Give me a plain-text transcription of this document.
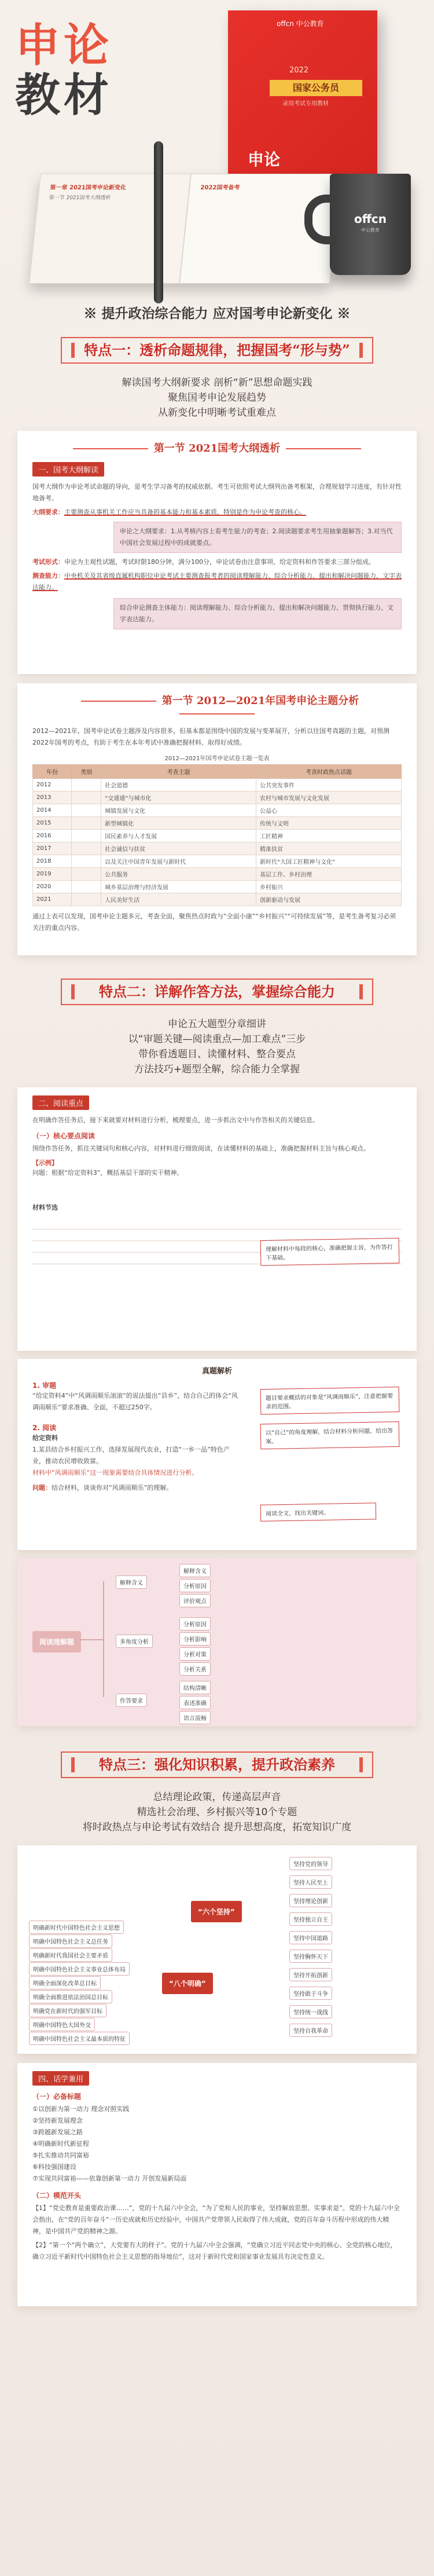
申论
教材
offcn 中公教育
2022
国家公务员
录用考试专用教材
申论
第一章 2021国考申论新变化
第一节 2021国考大纲透析
2022国考备考
offcn
中公教育
※ 提升政治综合能力 应对国考申论新变化 ※
特点一：透析命题规律，把握国考“形与势”
解读国考大纲新要求 剖析“新”思想命题实践
聚焦国考申论发展趋势
从新变化中明晰考试重难点
第一节 2021国考大纲透析
一、国考大纲解读

国考大纲作为申论考试命题的导向，是考生学习备考的权威依据。考生可依照考试大纲列出备考框架，合理规划学习进度，有针对性地备考。

大纲要求：主要测查从事机关工作应当具备的基本能力和基本素质，特别是作为申论考查的核心。

申论之大纲要求：1.从考核内容上看考生能力的考查；2.阅读题要求考生用抽象题解答；3.对当代中国社会发展过程中的成就要点。

考试形式：申论为主观性试题，考试时限180分钟，满分100分，申论试卷由注意事项、给定资料和作答要求三部分组成。

测查能力：中央机关及其省级直属机构职位申论考试主要测查报考者的阅读理解能力、综合分析能力、提出和解决问题能力、文字表达能力。

综合申论测查主体能力：阅读理解能力、综合分析能力、提出和解决问题能力、贯彻执行能力、文字表达能力。
第一节 2012—2021年国考申论主题分析

2012—2021年，国考申论试卷主题涉及内容很多，但基本都是围绕中国的发展与变革展开，分析以往国考真题的主题，对预测2022年国考的考点，有助于考生在本年考试中准确把握材料、取得好成绩。

2012—2021年国考申论试卷主题一览表
年份	类别	考查主题	考查时政热点话题
2012		社会道德	公共突发事件
2013		“交通通”与城市化	农村与城市发展与文化发展
2014		城镇发展与文化	公益心
2015		新型城镇化	传统与文明
2016		国民素养与人才发展	工匠精神
2017		社会诚信与扶贫	精准扶贫
2018		以及关注中国青年发展与新时代	新时代“大国工匠精神与文化”
2019		公共服务	基层工作、乡村治理
2020		城乡基层治理与经济发展	乡村振兴
2021		人民美好生活	创新驱动与发展

通过上表可以发现，国考申论主题多元，考查全面，聚焦热点时政与“全面小康”“乡村振兴”“可持续发展”等，是考生备考复习必须关注的重点内容。

特点二：详解作答方法，掌握综合能力
申论五大题型分章细讲
以“审题关键—阅读重点—加工难点”三步
带你看透题目、读懂材料、整合要点
方法技巧+题型全解，综合能力全掌握
二、阅读重点

在明确作答任务后，接下来就要对材料进行分析，梳理要点，进一步抓出文中与作答相关的关键信息。

（一）核心要点阅读

围绕作答任务，抓住关键词句和核心内容，对材料进行细致阅读，在读懂材料的基础上，准确把握材料主旨与核心观点。

【示例】

问题：根据“给定资料3”，概括基层干部的实干精神。

理解材料中每段的核心，准确把握主旨，为作答打下基础。
材料节选
真题解析
1. 审题

“给定资料4”中“风调雨顺乐滚滚”的说法提出“县乡”，结合自己的体会“风调雨顺乐”要求准确、全面，不超过250字。

题目要求概括的对象是“风调雨顺乐”，注意把握要求的范围。
以“自己”的角度理解，结合材料分析问题，给出答案。
2. 阅读
给定资料

1.某县结合乡村振兴工作，选择发展现代农业，打造“一乡一品”特色产业，推动农民增收致富。

材料中“风调雨顺乐”这一现象需要结合具体情况进行分析。

问题：结合材料，谈谈你对“风调雨顺乐”的理解。

阅读全文，找出关键词。
阅读理解题
解释含义
解释含义
分析原因
评价观点
多角度分析
分析原因
分析影响
分析对策
分析关系
作答要求
结构清晰
表述准确
语言流畅
特点三：强化知识积累，提升政治素养
总结理论政策，传递高层声音
精选社会治理、乡村振兴等10个专题
将时政热点与申论考试有效结合 提升思想高度，拓宽知识广度
“六个坚持”
“八个明确”
坚持党的领导
坚持人民至上
坚持理论创新
坚持独立自主
坚持中国道路
坚持胸怀天下
坚持开拓创新
坚持敢于斗争
坚持统一战线
坚持自我革命
明确新时代中国特色社会主义思想
明确中国特色社会主义总任务
明确新时代我国社会主要矛盾
明确中国特色社会主义事业总体布局
明确全面深化改革总目标
明确全面推进依法治国总目标
明确党在新时代的强军目标
明确中国特色大国外交
明确中国特色社会主义最本质的特征
四、话学兼用
（一）必备标题
①以创新为第一动力 理念对照实践
②坚持新发展理念
③跨越新发展之路
④明确新时代新征程
⑤扎实推动共同富裕
⑥科技强国建设
⑦实现共同富裕——依靠创新第一动力 开创发展新局面
（二）模范开头

【1】“党史教育是重要政治课……”，党的十九届六中全会，“为了党和人民的事业，坚持解放思想、实事求是”。党的十九届六中全会指出，在“党的百年奋斗”一历史成就和历史经验中，中国共产党带领人民取得了伟大成就，党的百年奋斗历程中形成的伟大精神，是中国共产党的精神之源。

【2】“第一个“两个确立”，大党要有大的样子”。党的十九届六中全会强调，“党确立习近平同志党中央的核心、全党的核心地位，确立习近平新时代中国特色社会主义思想的指导地位”，这对于新时代党和国家事业发展具有决定性意义。
